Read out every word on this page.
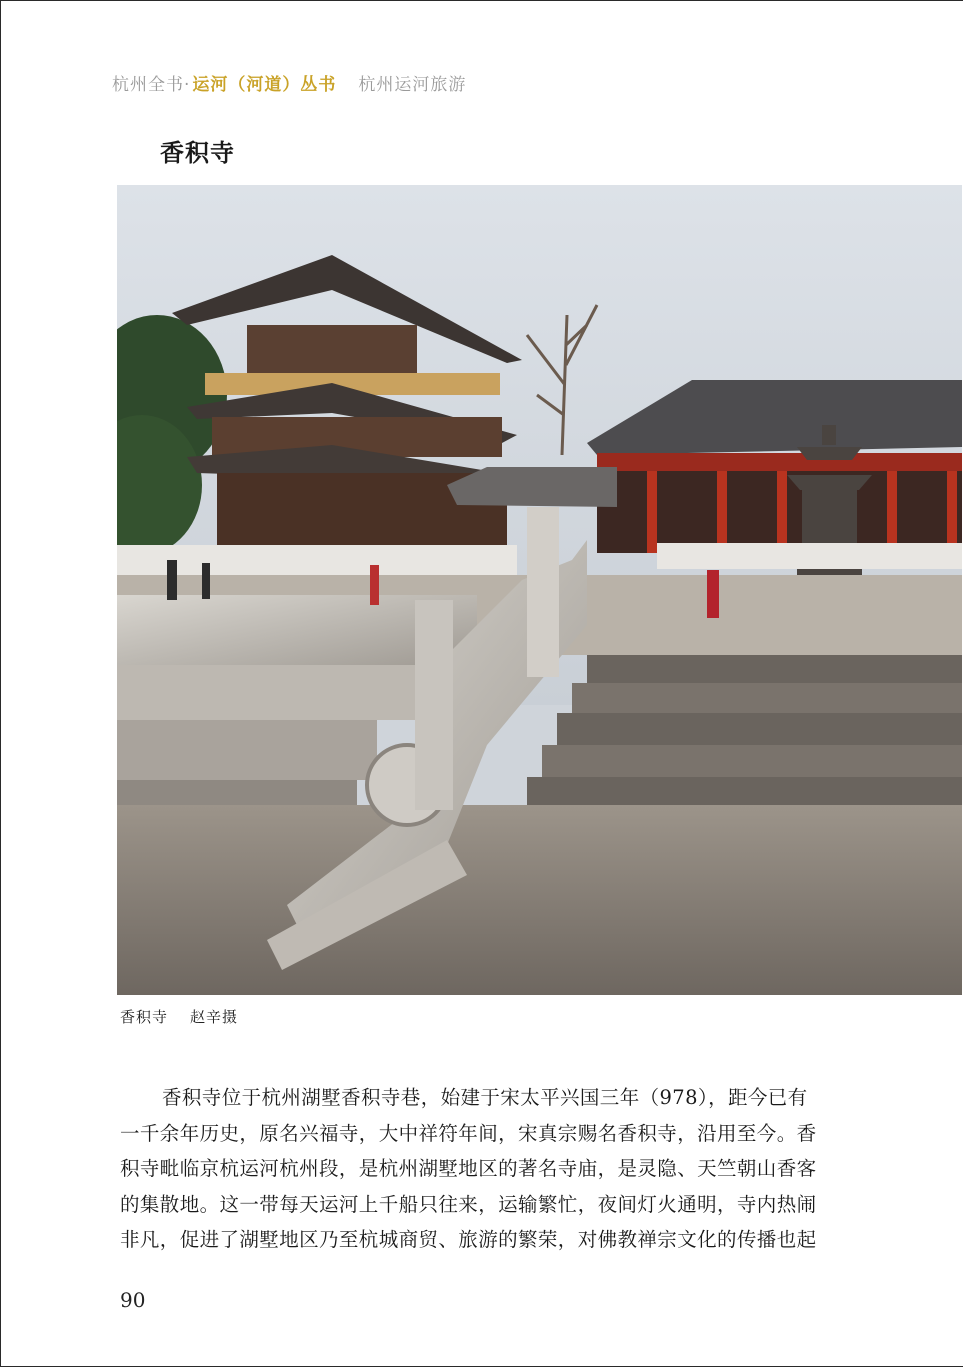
杭州全书· 运河（河道）丛书 杭州运河旅游
香积寺
香积寺 赵辛摄
香积寺位于杭州湖墅香积寺巷，始建于宋太平兴国三年（978），距今已有
一千余年历史，原名兴福寺，大中祥符年间，宋真宗赐名香积寺，沿用至今。香
积寺毗临京杭运河杭州段，是杭州湖墅地区的著名寺庙，是灵隐、天竺朝山香客
的集散地。这一带每天运河上千船只往来，运输繁忙，夜间灯火通明，寺内热闹
非凡，促进了湖墅地区乃至杭城商贸、旅游的繁荣，对佛教禅宗文化的传播也起
90
